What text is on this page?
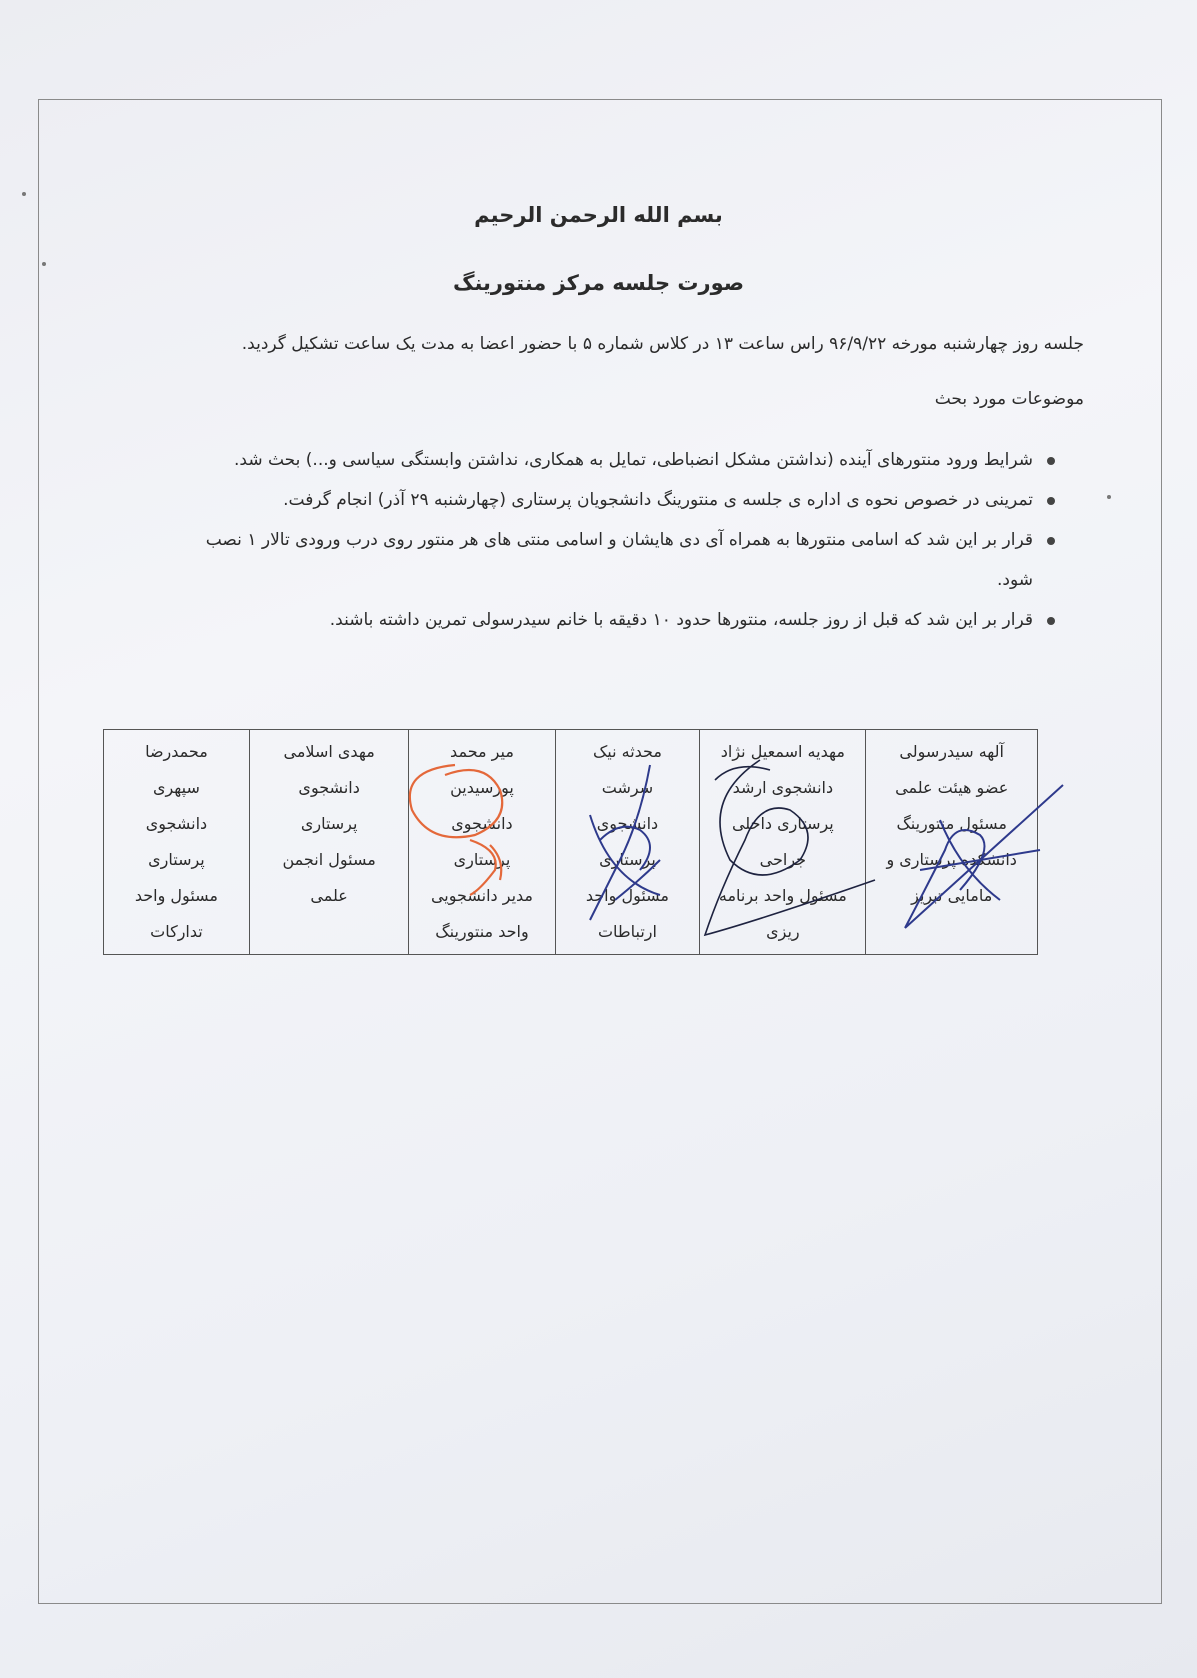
بسم الله الرحمن الرحیم
صورت جلسه مرکز منتورینگ

جلسه روز چهارشنبه مورخه ۹۶/۹/۲۲ راس ساعت ۱۳ در کلاس شماره ۵ با حضور اعضا به مدت یک ساعت تشکیل گردید.

موضوعات مورد بحث

شرایط ورود منتورهای آینده (نداشتن مشکل انضباطی، تمایل به همکاری، نداشتن وابستگی سیاسی و...) بحث شد.
تمرینی در خصوص نحوه ی اداره ی جلسه ی منتورینگ دانشجویان پرستاری (چهارشنبه ۲۹ آذر) انجام گرفت.
قرار بر این شد که اسامی منتورها به همراه آی دی هایشان و اسامی منتی های هر منتور روی درب ورودی تالار ۱ نصب شود.
قرار بر این شد که قبل از روز جلسه، منتورها حدود ۱۰ دقیقه با خانم سیدرسولی تمرین داشته باشند.
آلهه سیدرسولی
عضو هیئت علمی
مسئول منتورینگ
دانشکده پرستاری و
مامایی تبریز

مهدیه اسمعیل نژاد
دانشجوی ارشد
پرستاری داخلی
جراحی
مسئول واحد برنامه
ریزی

محدثه نیک
سرشت
دانشجوی
پرستاری
مسئول واحد
ارتباطات

میر محمد
پورسیدین
دانشجوی
پرستاری
مدیر دانشجویی
واحد منتورینگ

مهدی اسلامی
دانشجوی
پرستاری
مسئول انجمن
علمی

محمدرضا
سپهری
دانشجوی
پرستاری
مسئول واحد
تدارکات
